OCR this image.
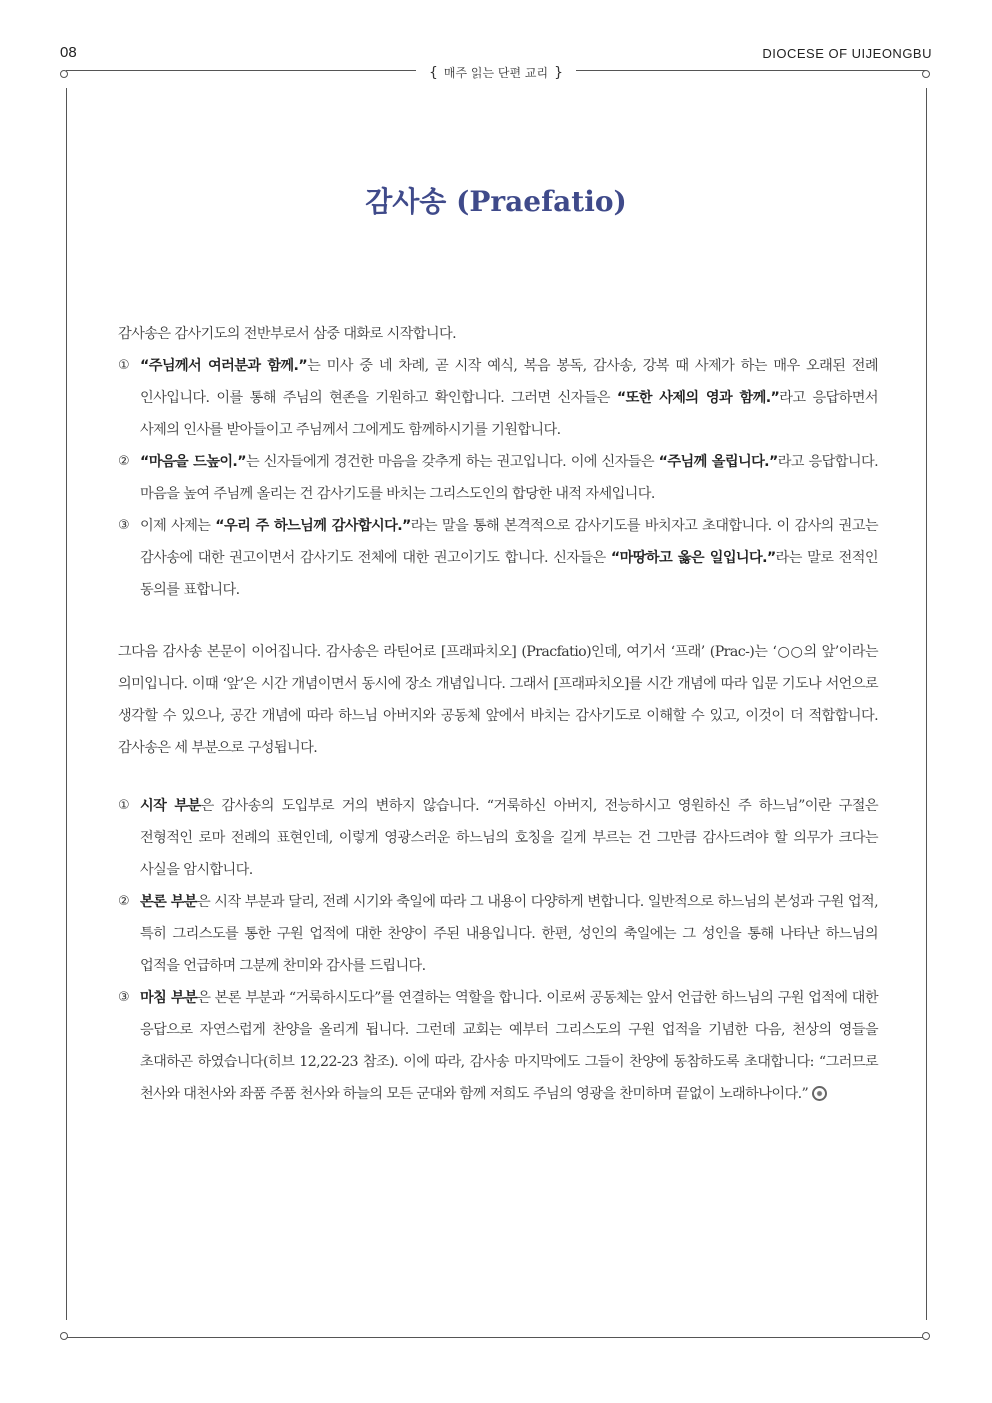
08	DIOCESE OF UIJEONGBU
{ 매주 읽는 단편 교리 }
감사송 (Praefatio)

감사송은 감사기도의 전반부로서 삼중 대화로 시작합니다.

① “주님께서 여러분과 함께.”는 미사 중 네 차례, 곧 시작 예식, 복음 봉독, 감사송, 강복 때 사제가 하는 매우 오래된 전례 인사입니다. 이를 통해 주님의 현존을 기원하고 확인합니다. 그러면 신자들은 “또한 사제의 영과 함께.”라고 응답하면서 사제의 인사를 받아들이고 주님께서 그에게도 함께하시기를 기원합니다.
② “마음을 드높이.”는 신자들에게 경건한 마음을 갖추게 하는 권고입니다. 이에 신자들은 “주님께 올립니다.”라고 응답합니다. 마음을 높여 주님께 올리는 건 감사기도를 바치는 그리스도인의 합당한 내적 자세입니다.
③ 이제 사제는 “우리 주 하느님께 감사합시다.”라는 말을 통해 본격적으로 감사기도를 바치자고 초대합니다. 이 감사의 권고는 감사송에 대한 권고이면서 감사기도 전체에 대한 권고이기도 합니다. 신자들은 “마땅하고 옳은 일입니다.”라는 말로 전적인 동의를 표합니다.

그다음 감사송 본문이 이어집니다. 감사송은 라틴어로 [프래파치오] (Pracfatio)인데, 여기서 ‘프래’ (Prac-)는 ‘○○의 앞’이라는 의미입니다. 이때 ‘앞’은 시간 개념이면서 동시에 장소 개념입니다. 그래서 [프래파치오]를 시간 개념에 따라 입문 기도나 서언으로 생각할 수 있으나, 공간 개념에 따라 하느님 아버지와 공동체 앞에서 바치는 감사기도로 이해할 수 있고, 이것이 더 적합합니다. 감사송은 세 부분으로 구성됩니다.

① 시작 부분은 감사송의 도입부로 거의 변하지 않습니다. “거룩하신 아버지, 전능하시고 영원하신 주 하느님”이란 구절은 전형적인 로마 전례의 표현인데, 이렇게 영광스러운 하느님의 호칭을 길게 부르는 건 그만큼 감사드려야 할 의무가 크다는 사실을 암시합니다.
② 본론 부분은 시작 부분과 달리, 전례 시기와 축일에 따라 그 내용이 다양하게 변합니다. 일반적으로 하느님의 본성과 구원 업적, 특히 그리스도를 통한 구원 업적에 대한 찬양이 주된 내용입니다. 한편, 성인의 축일에는 그 성인을 통해 나타난 하느님의 업적을 언급하며 그분께 찬미와 감사를 드립니다.
③ 마침 부분은 본론 부분과 “거룩하시도다”를 연결하는 역할을 합니다. 이로써 공동체는 앞서 언급한 하느님의 구원 업적에 대한 응답으로 자연스럽게 찬양을 올리게 됩니다. 그런데 교회는 예부터 그리스도의 구원 업적을 기념한 다음, 천상의 영들을 초대하곤 하였습니다(히브 12,22-23 참조). 이에 따라, 감사송 마지막에도 그들이 찬양에 동참하도록 초대합니다: “그러므로 천사와 대천사와 좌품 주품 천사와 하늘의 모든 군대와 함께 저희도 주님의 영광을 찬미하며 끝없이 노래하나이다.”
